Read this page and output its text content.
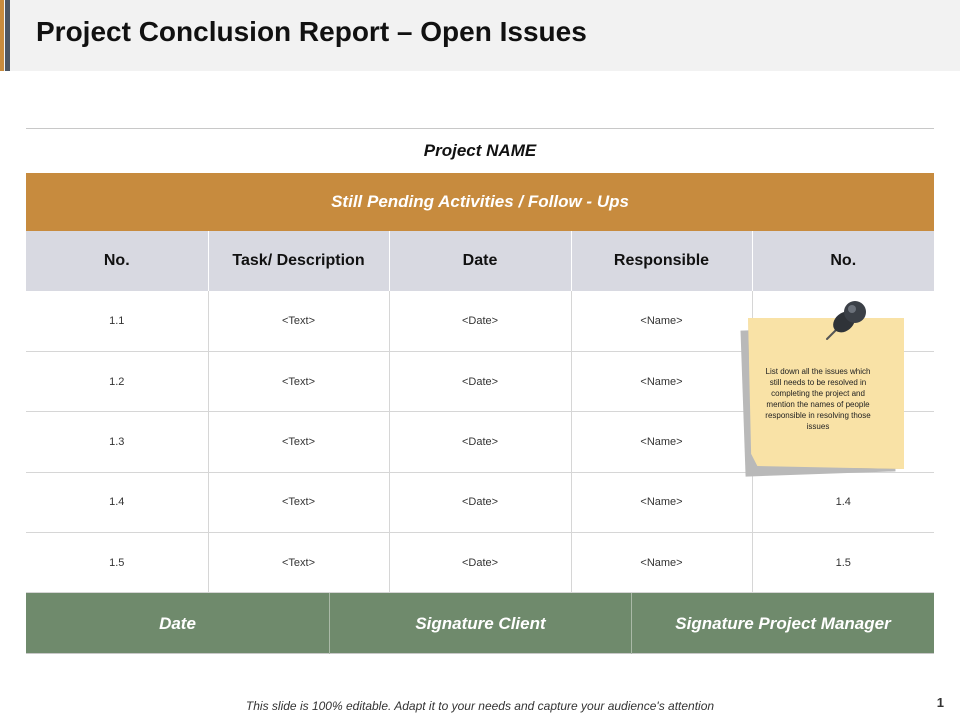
Project Conclusion Report – Open Issues
Project NAME
Still Pending Activities / Follow - Ups				
No.	Task/ Description	Date	Responsible	No.
1.1	<Text>	<Date>	<Name>	
1.2	<Text>	<Date>	<Name>	
1.3	<Text>	<Date>	<Name>	
1.4	<Text>	<Date>	<Name>	1.4
1.5	<Text>	<Date>	<Name>	1.5
Date	Signature Client	Signature Project Manager
List down all the issues which still needs to be resolved in completing the project and mention the names of people responsible in resolving those issues
This slide is 100% editable. Adapt it to your needs and capture your audience's attention	1
